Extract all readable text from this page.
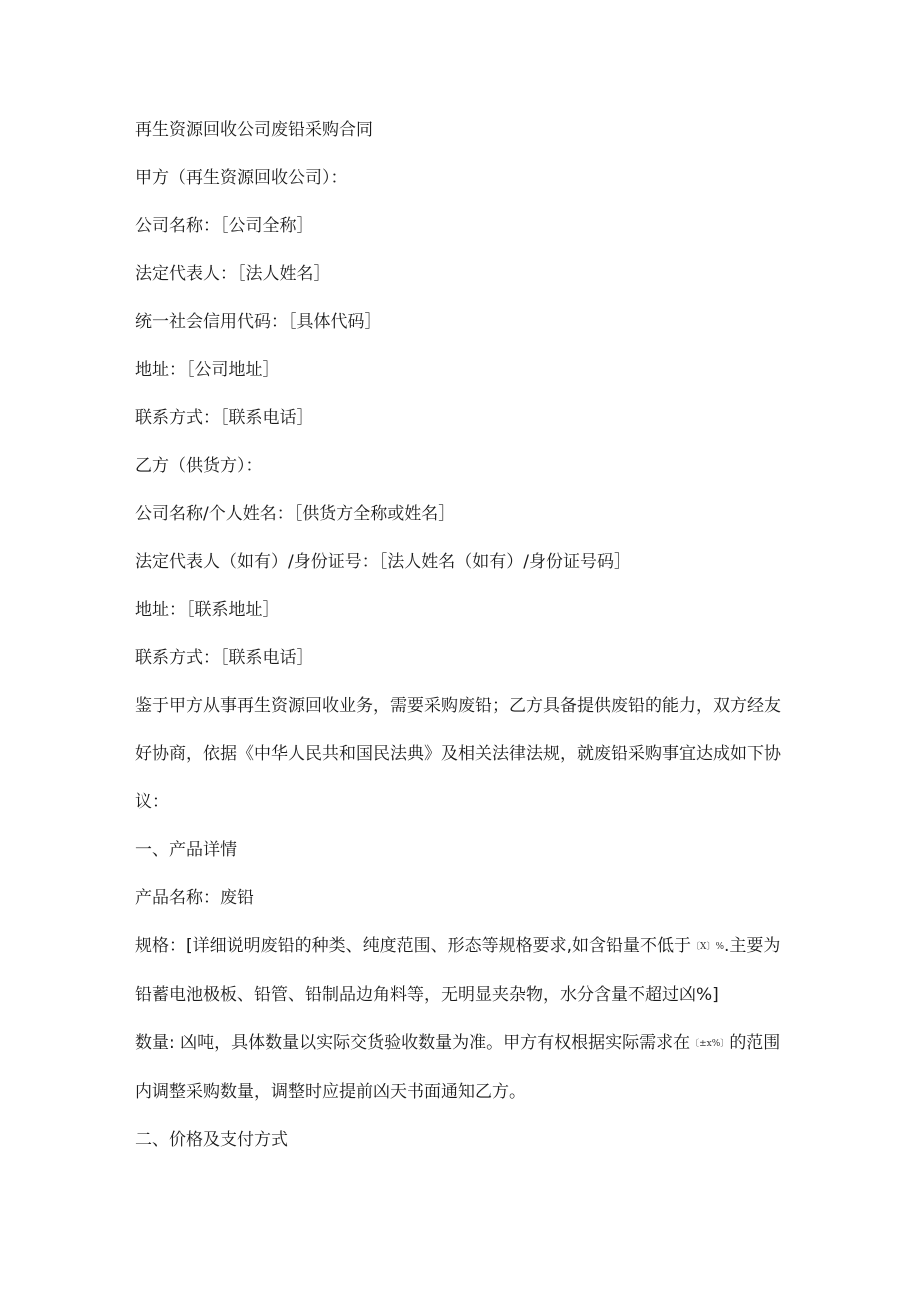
再生资源回收公司废铅采购合同

甲方（再生资源回收公司）：

公司名称：［公司全称］

法定代表人：［法人姓名］

统一社会信用代码：［具体代码］

地址：［公司地址］

联系方式：［联系电话］

乙方（供货方）：

公司名称/个人姓名：［供货方全称或姓名］

法定代表人（如有）/身份证号：［法人姓名（如有）/身份证号码］

地址：［联系地址］

联系方式：［联系电话］

鉴于甲方从事再生资源回收业务，需要采购废铅；乙方具备提供废铅的能力，双方经友
好协商，依据《中华人民共和国民法典》及相关法律法规，就废铅采购事宜达成如下协
议：

一、产品详情

产品名称：废铅

规格：[详细说明废铅的种类、纯度范围、形态等规格要求,如含铅量不低于〔X〕%.主要为
铅蓄电池极板、铅管、铅制品边角料等，无明显夹杂物，水分含量不超过凶%]
数量: 凶吨，具体数量以实际交货验收数量为准。甲方有权根据实际需求在〔±x%〕的范围
内调整采购数量，调整时应提前凶天书面通知乙方。

二、价格及支付方式
